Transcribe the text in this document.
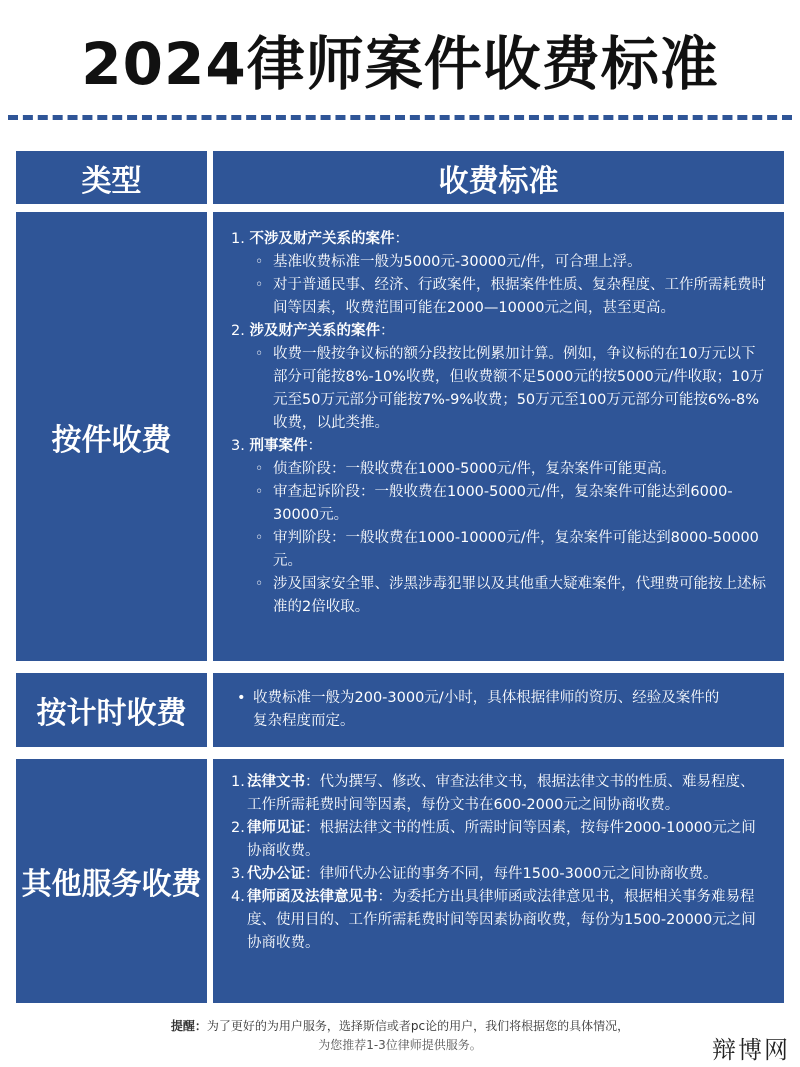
2024律师案件收费标准
类型	收费标准
按件收费
1. 不涉及财产关系的案件：
◦ 基准收费标准一般为5000元-30000元/件，可合理上浮。
◦ 对于普通民事、经济、行政案件，根据案件性质、复杂程度、工作所需耗费时间等因素，收费范围可能在2000—10000元之间，甚至更高。
2. 涉及财产关系的案件：
◦ 收费一般按争议标的额分段按比例累加计算。例如，争议标的在10万元以下部分可能按8%-10%收费，但收费额不足5000元的按5000元/件收取；10万元至50万元部分可能按7%-9%收费；50万元至100万元部分可能按6%-8%收费，以此类推。
3. 刑事案件：
◦ 侦查阶段：一般收费在1000-5000元/件，复杂案件可能更高。
◦ 审查起诉阶段：一般收费在1000-5000元/件，复杂案件可能达到6000-30000元。
◦ 审判阶段：一般收费在1000-10000元/件，复杂案件可能达到8000-50000元。
◦ 涉及国家安全罪、涉黑涉毒犯罪以及其他重大疑难案件，代理费可能按上述标准的2倍收取。
按计时收费
•	收费标准一般为200-3000元/小时，具体根据律师的资历、经验及案件的复杂程度而定。
其他服务收费
1. 法律文书：代为撰写、修改、审查法律文书，根据法律文书的性质、难易程度、工作所需耗费时间等因素，每份文书在600-2000元之间协商收费。
2. 律师见证：根据法律文书的性质、所需时间等因素，按每件2000-10000元之间协商收费。
3. 代办公证：律师代办公证的事务不同，每件1500-3000元之间协商收费。
4. 律师函及法律意见书：为委托方出具律师函或法律意见书，根据相关事务难易程度、使用目的、工作所需耗费时间等因素协商收费，每份为1500-20000元之间协商收费。
提醒：为了更好的为用户服务，选择斯信或者pc论的用户，我们将根据您的具体情况，
为您推荐1-3位律师提供服务。	辩博网
